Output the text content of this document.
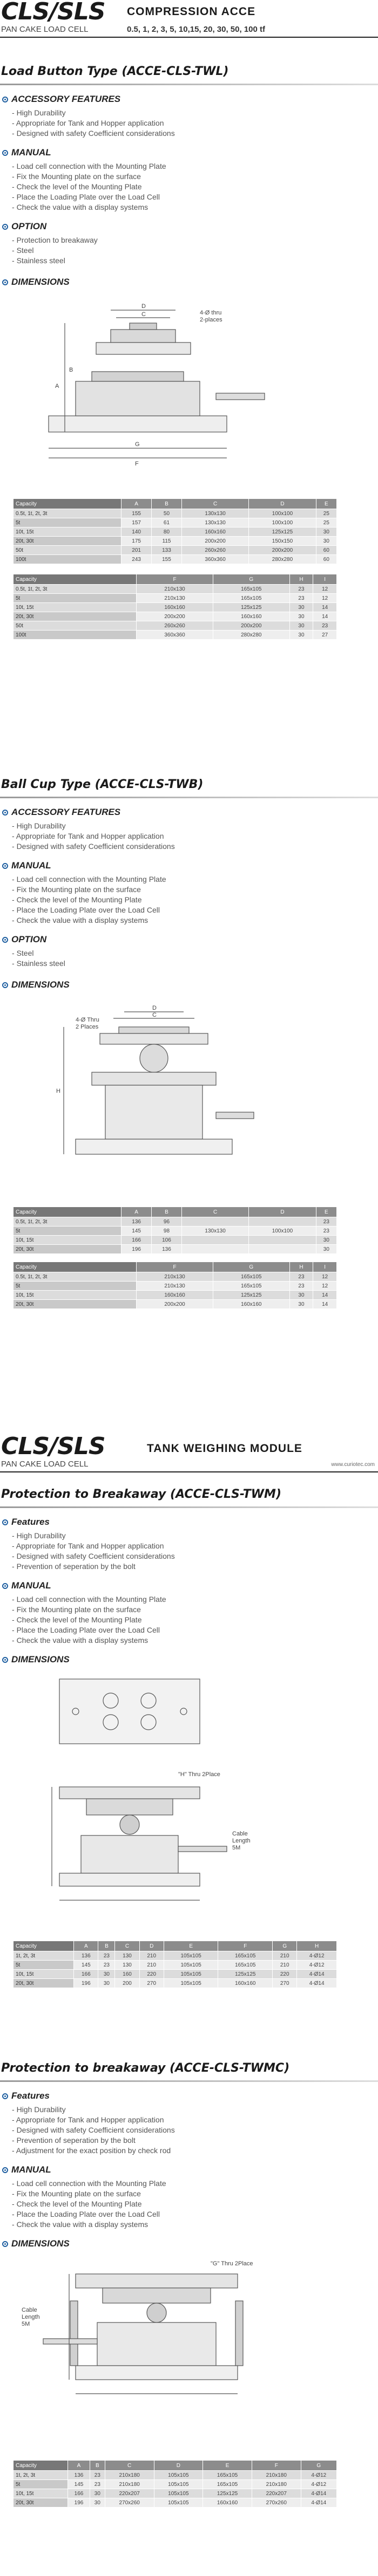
CLS/SLS COMPRESSION ACCE
PAN CAKE LOAD CELL	0.5, 1, 2, 3, 5, 10,15, 20, 30, 50, 100 tf
Load Button Type (ACCE-CLS-TWL)
ACCESSORY FEATURES
- High Durability
- Appropriate for Tank and Hopper application
- Designed with safety Coefficient considerations
MANUAL
- Load cell connection with the Mounting Plate
- Fix the Mounting plate on the surface
- Check the level of the Mounting Plate
- Place the Loading Plate over the Load Cell
- Check the value with a display systems
OPTION
- Protection to breakaway
- Steel
- Stainless steel
DIMENSIONS
D
C	4-Ø thru 2-places
A
B
G
F
Capacity	A	B	C	D	E
0.5t, 1t, 2t, 3t	155	50	130x130	100x100	25
5t	157	61	130x130	100x100	25
10t, 15t	140	80	160x160	125x125	30
20t, 30t	175	115	200x200	150x150	30
50t	201	133	260x260	200x200	60
100t	243	155	360x360	280x280	60
Capacity	F	G	H	I
0.5t, 1t, 2t, 3t	210x130	165x105	23	12
5t	210x130	165x105	23	12
10t, 15t	160x160	125x125	30	14
20t, 30t	200x200	160x160	30	14
50t	260x260	200x200	30	23
100t	360x360	280x280	30	27
Ball Cup Type (ACCE-CLS-TWB)
ACCESSORY FEATURES
- High Durability
- Appropriate for Tank and Hopper application
- Designed with safety Coefficient considerations
MANUAL
- Load cell connection with the Mounting Plate
- Fix the Mounting plate on the surface
- Check the level of the Mounting Plate
- Place the Loading Plate over the Load Cell
- Check the value with a display systems
OPTION
- Steel
- Stainless steel
DIMENSIONS
4-Ø Thru 2 Places
D
C
H
Capacity	A	B	C	D	E
0.5t, 1t, 2t, 3t	136	96			23
5t	145	98	130x130	100x100	23
10t, 15t	166	106			30
20t, 30t	196	136			30
Capacity	F	G	H	I
0.5t, 1t, 2t, 3t	210x130	165x105	23	12
5t	210x130	165x105	23	12
10t, 15t	160x160	125x125	30	14
20t, 30t	200x200	160x160	30	14
CLS/SLS	TANK WEIGHING MODULE
PAN CAKE LOAD CELL	www.curiotec.com
Protection to Breakaway (ACCE-CLS-TWM)
Features
- High Durability
- Appropriate for Tank and Hopper application
- Designed with safety Coefficient considerations
- Prevention of seperation by the bolt
MANUAL
- Load cell connection with the Mounting Plate
- Fix the Mounting plate on the surface
- Check the level of the Mounting Plate
- Place the Loading Plate over the Load Cell
- Check the value with a display systems
DIMENSIONS
"H" Thru 2Place
Cable Length 5M
Capacity	A	B	C	D	E	F	G	H
1t, 2t, 3t	136	23	130	210	105x105	165x105	210	4-Ø12
5t	145	23	130	210	105x105	165x105	210	4-Ø12
10t, 15t	166	30	160	220	105x105	125x125	220	4-Ø14
20t, 30t	196	30	200	270	105x105	160x160	270	4-Ø14
Protection to breakaway (ACCE-CLS-TWMC)
Features
- High Durability
- Appropriate for Tank and Hopper application
- Designed with safety Coefficient considerations
- Prevention of seperation by the bolt
- Adjustment for the exact position by check rod
MANUAL
- Load cell connection with the Mounting Plate
- Fix the Mounting plate on the surface
- Check the level of the Mounting Plate
- Place the Loading Plate over the Load Cell
- Check the value with a display systems
DIMENSIONS
"G" Thru 2Place
Cable Length 5M
Capacity	A	B	C	D	E	F	G
1t, 2t, 3t	136	23	210x180	105x105	165x105	210x180	4-Ø12
5t	145	23	210x180	105x105	165x105	210x180	4-Ø12
10t, 15t	166	30	220x207	105x105	125x125	220x207	4-Ø14
20t, 30t	196	30	270x260	105x105	160x160	270x260	4-Ø14
